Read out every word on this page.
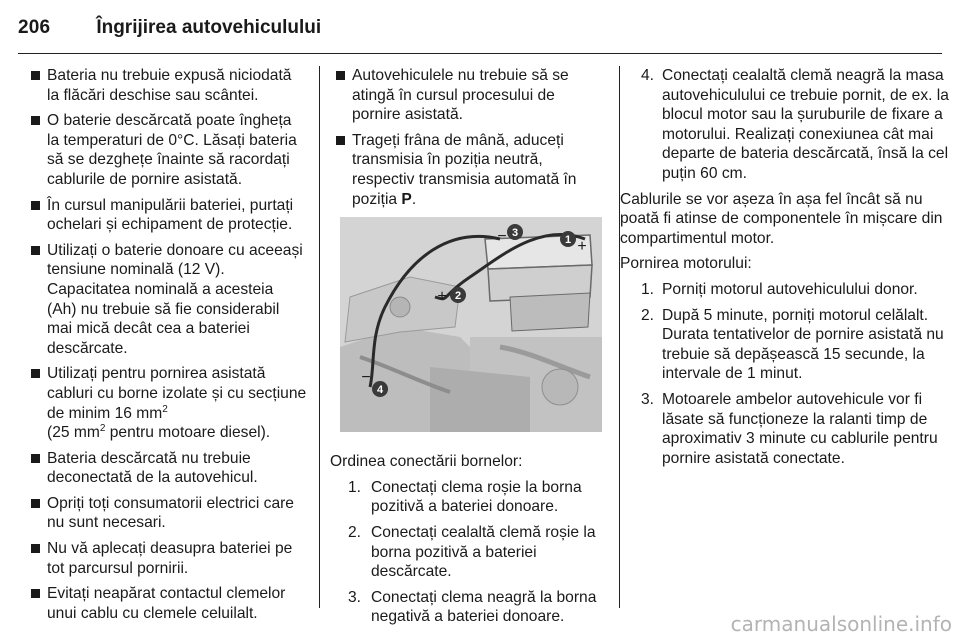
206 Îngrijirea autovehiculului
Bateria nu trebuie expusă niciodată la flăcări deschise sau scântei.
O baterie descărcată poate îngheța la temperaturi de 0°C. Lăsați bateria să se dezghețe înainte să racordați cablurile de pornire asistată.
În cursul manipulării bateriei, purtați ochelari și echipament de protecție.
Utilizați o baterie donoare cu aceeași tensiune nominală (12 V). Capacitatea nominală a acesteia (Ah) nu trebuie să fie considerabil mai mică decât cea a bateriei descărcate.
Utilizați pentru pornirea asistată cabluri cu borne izolate și cu secțiune de minim 16 $mm^2$
(25 $mm^2$ pentru motoare diesel).
Bateria descărcată nu trebuie deconectată de la autovehicul.
Opriți toți consumatorii electrici care nu sunt necesari.
Nu vă aplecați deasupra bateriei pe tot parcursul pornirii.
Evitați neapărat contactul clemelor unui cablu cu clemele celuilalt.
Autovehiculele nu trebuie să se atingă în cursul procesului de pornire asistată.
Trageți frâna de mână, aduceți transmisia în poziția neutră, respectiv transmisia automată în poziția P.
1 +
2
+
3
−
4
−

Ordinea conectării bornelor:

1. Conectați clema roșie la borna pozitivă a bateriei donoare.
2. Conectați cealaltă clemă roșie la borna pozitivă a bateriei descărcate.
3. Conectați clema neagră la borna negativă a bateriei donoare.
4. Conectați cealaltă clemă neagră la masa autovehiculului ce trebuie pornit, de ex. la blocul motor sau la șuruburile de fixare a motorului. Realizați conexiunea cât mai departe de bateria descărcată, însă la cel puțin 60 cm.

Cablurile se vor așeza în așa fel încât să nu poată fi atinse de componentele în mișcare din compartimentul motor.

Pornirea motorului:

1. Porniți motorul autovehiculului donor.
2. După 5 minute, porniți motorul celălalt. Durata tentativelor de pornire asistată nu trebuie să depășească 15 secunde, la intervale de 1 minut.
3. Motoarele ambelor autovehicule vor fi lăsate să funcționeze la ralanti timp de aproximativ 3 minute cu cablurile pentru pornire asistată conectate.
carmanualsonline.info
